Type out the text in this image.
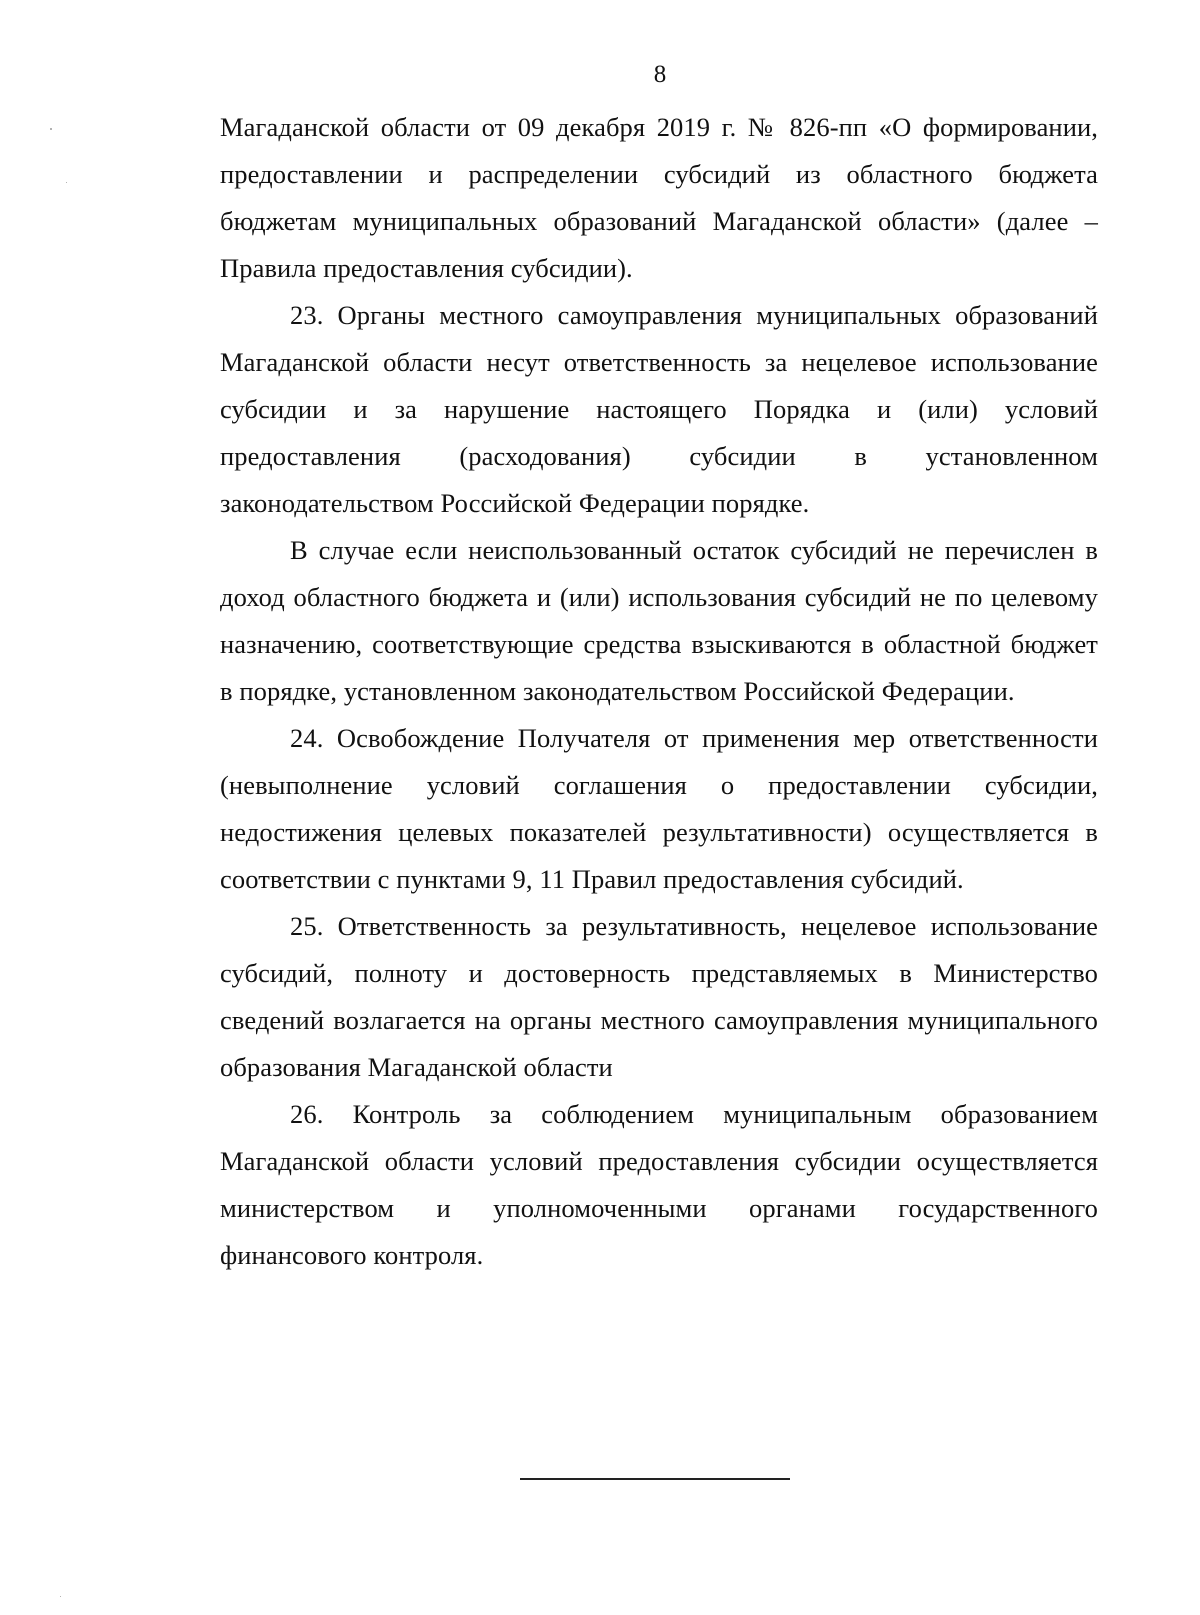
8

Магаданской области от 09 декабря 2019 г. № 826-пп «О формировании, предоставлении и распределении субсидий из областного бюджета бюджетам муниципальных образований Магаданской области» (далее – Правила предоставления субсидии).

23. Органы местного самоуправления муниципальных образований Магаданской области несут ответственность за нецелевое использование субсидии и за нарушение настоящего Порядка и (или) условий предоставления (расходования) субсидии в установленном законодательством Российской Федерации порядке.

В случае если неиспользованный остаток субсидий не перечислен в доход областного бюджета и (или) использования субсидий не по целевому назначению, соответствующие средства взыскиваются в областной бюджет в порядке, установленном законодательством Российской Федерации.

24. Освобождение Получателя от применения мер ответственности (невыполнение условий соглашения о предоставлении субсидии, недостижения целевых показателей результативности) осуществляется в соответствии с пунктами 9, 11 Правил предоставления субсидий.

25. Ответственность за результативность, нецелевое использование субсидий, полноту и достоверность представляемых в Министерство сведений возлагается на органы местного самоуправления муниципального образования Магаданской области

26. Контроль за соблюдением муниципальным образованием Магаданской области условий предоставления субсидии осуществляется министерством и уполномоченными органами государственного финансового контроля.
